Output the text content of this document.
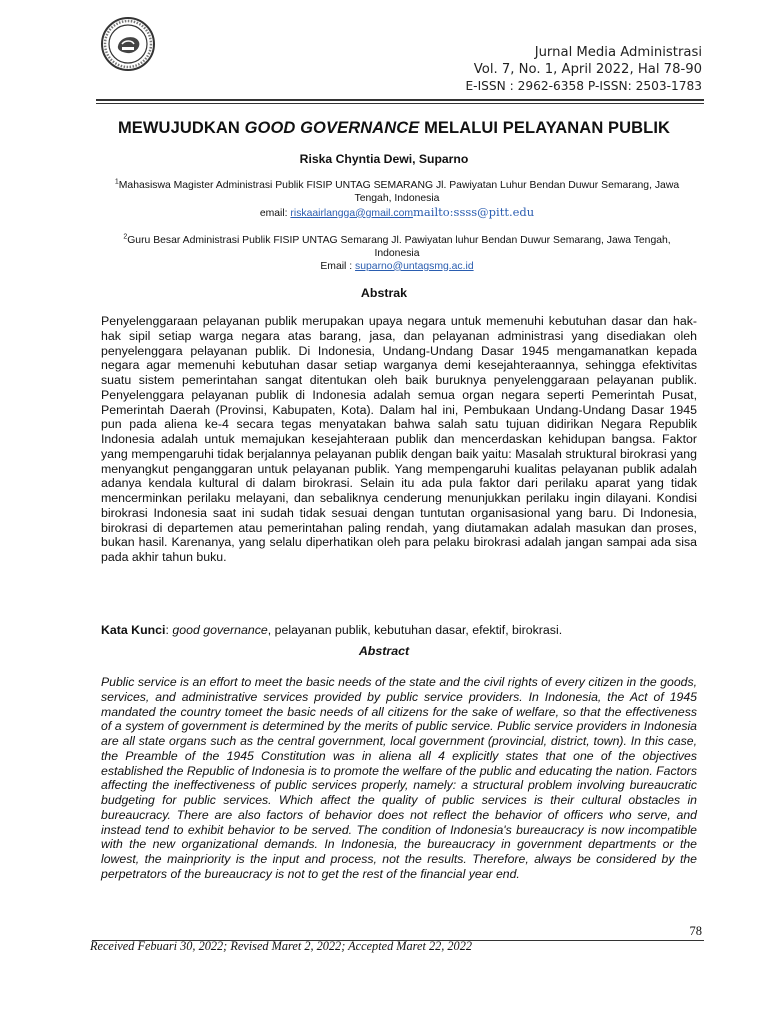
Jurnal Media Administrasi
Vol. 7, No. 1, April 2022, Hal 78-90
E-ISSN : 2962-6358 P-ISSN: 2503-1783
MEWUJUDKAN GOOD GOVERNANCE MELALUI PELAYANAN PUBLIK
Riska Chyntia Dewi, Suparno
$^1$Mahasiswa Magister Administrasi Publik FISIP UNTAG SEMARANG Jl. Pawiyatan Luhur Bendan Duwur Semarang, Jawa Tengah, Indonesia
email: riskaairlangga@gmail.commailto:ssss@pitt.edu
$^2$Guru Besar Administrasi Publik FISIP UNTAG Semarang Jl. Pawiyatan luhur Bendan Duwur Semarang, Jawa Tengah, Indonesia
Email : suparno@untagsmg.ac.id
Abstrak

Penyelenggaraan pelayanan publik merupakan upaya negara untuk memenuhi kebutuhan dasar dan hak-hak sipil setiap warga negara atas barang, jasa, dan pelayanan administrasi yang disediakan oleh penyelenggara pelayanan publik. Di Indonesia, Undang-Undang Dasar 1945 mengamanatkan kepada negara agar memenuhi kebutuhan dasar setiap warganya demi kesejahteraannya, sehingga efektivitas suatu sistem pemerintahan sangat ditentukan oleh baik buruknya penyelenggaraan pelayanan publik. Penyelenggara pelayanan publik di Indonesia adalah semua organ negara seperti Pemerintah Pusat, Pemerintah Daerah (Provinsi, Kabupaten, Kota). Dalam hal ini, Pembukaan Undang-Undang Dasar 1945 pun pada aliena ke-4 secara tegas menyatakan bahwa salah satu tujuan didirikan Negara Republik Indonesia adalah untuk memajukan kesejahteraan publik dan mencerdaskan kehidupan bangsa. Faktor yang mempengaruhi tidak berjalannya pelayanan publik dengan baik yaitu: Masalah struktural birokrasi yang menyangkut penganggaran untuk pelayanan publik. Yang mempengaruhi kualitas pelayanan publik adalah adanya kendala kultural di dalam birokrasi. Selain itu ada pula faktor dari perilaku aparat yang tidak mencerminkan perilaku melayani, dan sebaliknya cenderung menunjukkan perilaku ingin dilayani. Kondisi birokrasi Indonesia saat ini sudah tidak sesuai dengan tuntutan organisasional yang baru. Di Indonesia, birokrasi di departemen atau pemerintahan paling rendah, yang diutamakan adalah masukan dan proses, bukan hasil. Karenanya, yang selalu diperhatikan oleh para pelaku birokrasi adalah jangan sampai ada sisa pada akhir tahun buku.

Kata Kunci: good governance, pelayanan publik, kebutuhan dasar, efektif, birokrasi.
Abstract

Public service is an effort to meet the basic needs of the state and the civil rights of every citizen in the goods, services, and administrative services provided by public service providers. In Indonesia, the Act of 1945 mandated the country tomeet the basic needs of all citizens for the sake of welfare, so that the effectiveness of a system of government is determined by the merits of public service. Public service providers in Indonesia are all state organs such as the central government, local government (provincial, district, town). In this case, the Preamble of the 1945 Constitution was in aliena all 4 explicitly states that one of the objectives established the Republic of Indonesia is to promote the welfare of the public and educating the nation. Factors affecting the ineffectiveness of public services properly, namely: a structural problem involving bureaucratic budgeting for public services. Which affect the quality of public services is their cultural obstacles in bureaucracy. There are also factors of behavior does not reflect the behavior of officers who serve, and instead tend to exhibit behavior to be served. The condition of Indonesia's bureaucracy is now incompatible with the new organizational demands. In Indonesia, the bureaucracy in government departments or the lowest, the mainpriority is the input and process, not the results. Therefore, always be considered by the perpetrators of the bureaucracy is not to get the rest of the financial year end.

78
Received Febuari 30, 2022; Revised Maret 2, 2022; Accepted Maret 22, 2022
